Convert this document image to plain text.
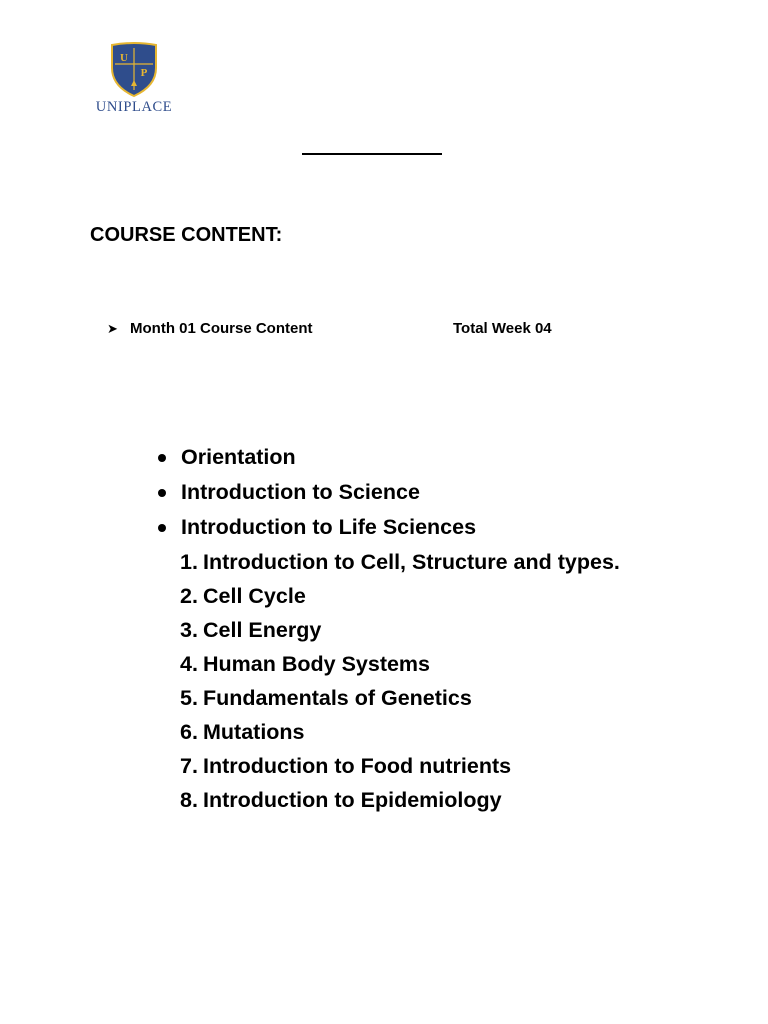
U
P
UNIPLACE
COURSE CONTENT:
➤ Month 01 Course Content	Total Week 04
Orientation
Introduction to Science
Introduction to Life Sciences
1. Introduction to Cell, Structure and types.
2. Cell Cycle
3. Cell Energy
4. Human Body Systems
5. Fundamentals of Genetics
6. Mutations
7. Introduction to Food nutrients
8. Introduction to Epidemiology
